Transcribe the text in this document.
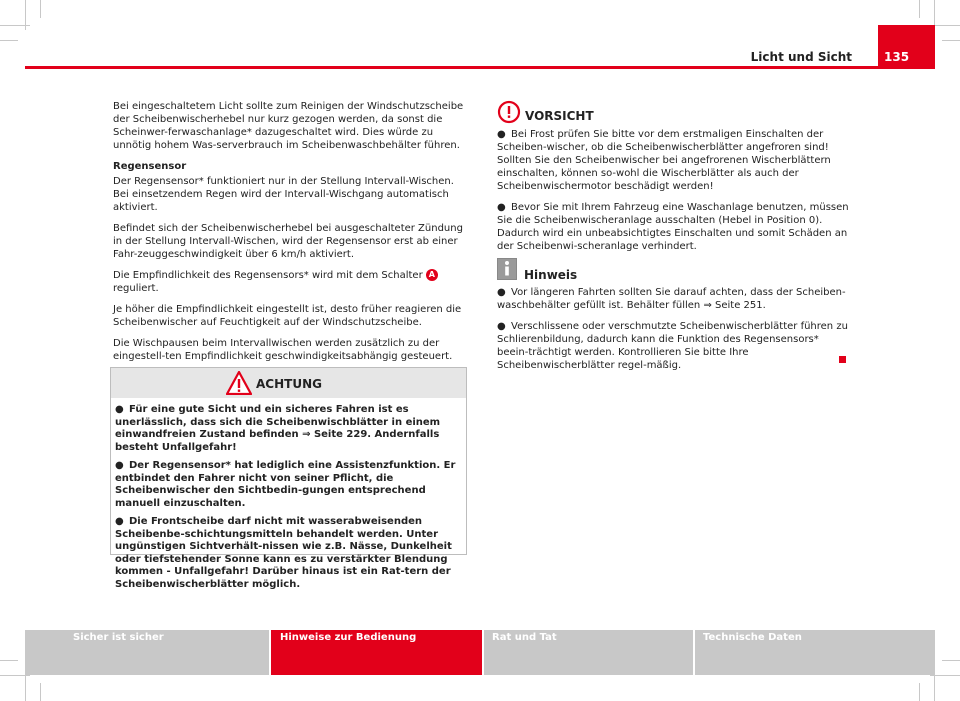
Licht und Sicht	135

Bei eingeschaltetem Licht sollte zum Reinigen der Windschutzscheibe der Scheibenwischerhebel nur kurz gezogen werden, da sonst die Scheinwer-ferwaschanlage* dazugeschaltet wird. Dies würde zu unnötig hohem Was-serverbrauch im Scheibenwaschbehälter führen.

Regensensor

Der Regensensor* funktioniert nur in der Stellung Intervall-Wischen. Bei einsetzendem Regen wird der Intervall-Wischgang automatisch aktiviert.

Befindet sich der Scheibenwischerhebel bei ausgeschalteter Zündung in der Stellung Intervall-Wischen, wird der Regensensor erst ab einer Fahr-zeuggeschwindigkeit über 6 km/h aktiviert.

Die Empfindlichkeit des Regensensors* wird mit dem Schalter A reguliert.

Je höher die Empfindlichkeit eingestellt ist, desto früher reagieren die Scheibenwischer auf Feuchtigkeit auf der Windschutzscheibe.

Die Wischpausen beim Intervallwischen werden zusätzlich zu der eingestell-ten Empfindlichkeit geschwindigkeitsabhängig gesteuert.

ACHTUNG

● Für eine gute Sicht und ein sicheres Fahren ist es unerlässlich, dass sich die Scheibenwischblätter in einem einwandfreien Zustand befinden ⇒ Seite 229. Andernfalls besteht Unfallgefahr!

● Der Regensensor* hat lediglich eine Assistenzfunktion. Er entbindet den Fahrer nicht von seiner Pflicht, die Scheibenwischer den Sichtbedin-gungen entsprechend manuell einzuschalten.

● Die Frontscheibe darf nicht mit wasserabweisenden Scheibenbe-schichtungsmitteln behandelt werden. Unter ungünstigen Sichtverhält-nissen wie z.B. Nässe, Dunkelheit oder tiefstehender Sonne kann es zu verstärkter Blendung kommen - Unfallgefahr! Darüber hinaus ist ein Rat-tern der Scheibenwischerblätter möglich.

VORSICHT

● Bei Frost prüfen Sie bitte vor dem erstmaligen Einschalten der Scheiben-wischer, ob die Scheibenwischerblätter angefroren sind! Sollten Sie den Scheibenwischer bei angefrorenen Wischerblättern einschalten, können so-wohl die Wischerblätter als auch der Scheibenwischermotor beschädigt werden!

● Bevor Sie mit Ihrem Fahrzeug eine Waschanlage benutzen, müssen Sie die Scheibenwischeranlage ausschalten (Hebel in Position 0). Dadurch wird ein unbeabsichtigtes Einschalten und somit Schäden an der Scheibenwi-scheranlage verhindert.

Hinweis

● Vor längeren Fahrten sollten Sie darauf achten, dass der Scheiben-waschbehälter gefüllt ist. Behälter füllen ⇒ Seite 251.

● Verschlissene oder verschmutzte Scheibenwischerblätter führen zu Schlierenbildung, dadurch kann die Funktion des Regensensors* beein-trächtigt werden. Kontrollieren Sie bitte Ihre Scheibenwischerblätter regel-mäßig.

Sicher ist sicher	Hinweise zur Bedienung	Rat und Tat	Technische Daten
